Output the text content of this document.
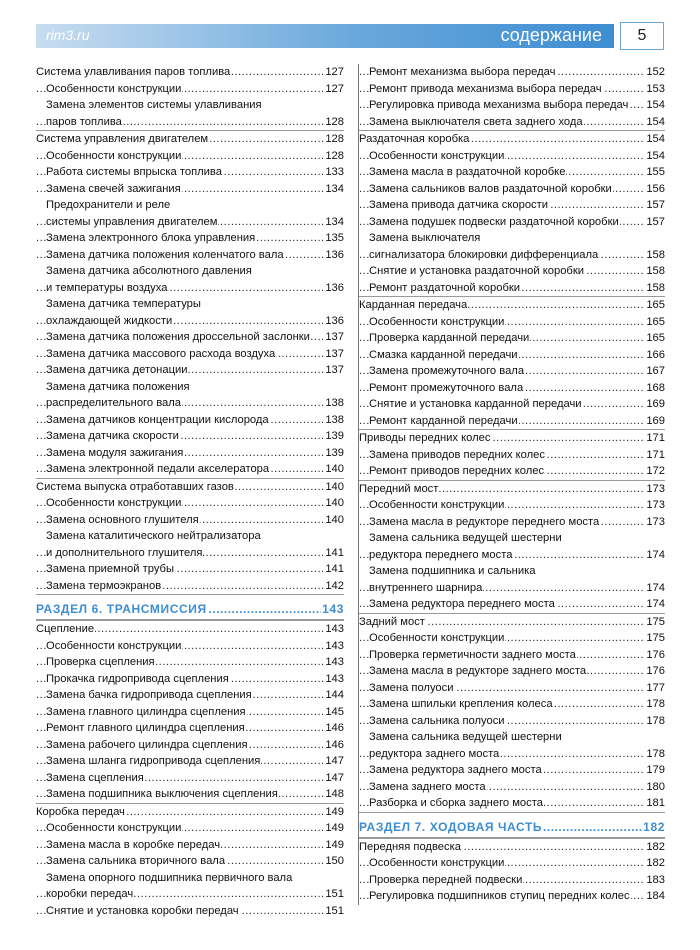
rim3.ru	содержание	5
..... Система улавливания паров топлива	127
..... Особенности конструкции	127
Замена элементов системы улавливания
..... паров топлива	128
..... Система управления двигателем	128
..... Особенности конструкции	128
..... Работа системы впрыска топлива	133
..... Замена свечей зажигания	134
Предохранители и реле
..... системы управления двигателем	134
..... Замена электронного блока управления	135
..... Замена датчика положения коленчатого вала	136
Замена датчика абсолютного давления
..... и температуры воздуха	136
Замена датчика температуры
..... охлаждающей жидкости	136
..... Замена датчика положения дроссельной заслонки 137
..... Замена датчика массового расхода воздуха	137
..... Замена датчика детонации	137
Замена датчика положения
..... распределительного вала	138
..... Замена датчиков концентрации кислорода	138
..... Замена датчика скорости	139
..... Замена модуля зажигания	139
..... Замена электронной педали акселератора	140
..... Система выпуска отработавших газов	140
..... Особенности конструкции	140
..... Замена основного глушителя	140
Замена каталитического нейтрализатора
..... и дополнительного глушителя	141
..... Замена приемной трубы	141
..... Замена термоэкранов	142
..... РАЗДЕЛ 6. ТРАНСМИССИЯ	143
..... Сцепление	143
..... Особенности конструкции	143
..... Проверка сцепления	143
..... Прокачка гидропривода сцепления	143
..... Замена бачка гидропривода сцепления	144
..... Замена главного цилиндра сцепления	145
..... Ремонт главного цилиндра сцепления	146
..... Замена рабочего цилиндра сцепления	146
..... Замена шланга гидропривода сцепления	147
..... Замена сцепления	147
..... Замена подшипника выключения сцепления	148
..... Коробка передач	149
..... Особенности конструкции	149
..... Замена масла в коробке передач	149
..... Замена сальника вторичного вала	150
Замена опорного подшипника первичного вала
..... коробки передач	151
..... Снятие и установка коробки передач	151
..... Ремонт механизма выбора передач	152
..... Ремонт привода механизма выбора передач	153
..... Регулировка привода механизма выбора передач 154
..... Замена выключателя света заднего хода	154
..... Раздаточная коробка	154
..... Особенности конструкции	154
..... Замена масла в раздаточной коробке	155
..... Замена сальников валов раздаточной коробки	156
..... Замена привода датчика скорости	157
..... Замена подушек подвески раздаточной коробки 157
Замена выключателя
..... сигнализатора блокировки дифференциала	158
..... Снятие и установка раздаточной коробки	158
..... Ремонт раздаточной коробки	158
..... Карданная передача	165
..... Особенности конструкции	165
..... Проверка карданной передачи	165
..... Смазка карданной передачи	166
..... Замена промежуточного вала	167
..... Ремонт промежуточного вала	168
..... Снятие и установка карданной передачи	169
..... Ремонт карданной передачи	169
..... Приводы передних колес	171
..... Замена приводов передних колес	171
..... Ремонт приводов передних колес	172
..... Передний мост	173
..... Особенности конструкции	173
..... Замена масла в редукторе переднего моста	173
Замена сальника ведущей шестерни
..... редуктора переднего моста	174
Замена подшипника и сальника
..... внутреннего шарнира	174
..... Замена редуктора переднего моста	174
..... Задний мост	175
..... Особенности конструкции	175
..... Проверка герметичности заднего моста	176
..... Замена масла в редукторе заднего моста	176
..... Замена полуоси	177
..... Замена шпильки крепления колеса	178
..... Замена сальника полуоси	178
Замена сальника ведущей шестерни
..... редуктора заднего моста	178
..... Замена редуктора заднего моста	179
..... Замена заднего моста	180
..... Разборка и сборка заднего моста	181
..... РАЗДЕЛ 7. ХОДОВАЯ ЧАСТЬ	182
..... Передняя подвеска	182
..... Особенности конструкции	182
..... Проверка передней подвески	183
..... Регулировка подшипников ступиц передних колес 184
